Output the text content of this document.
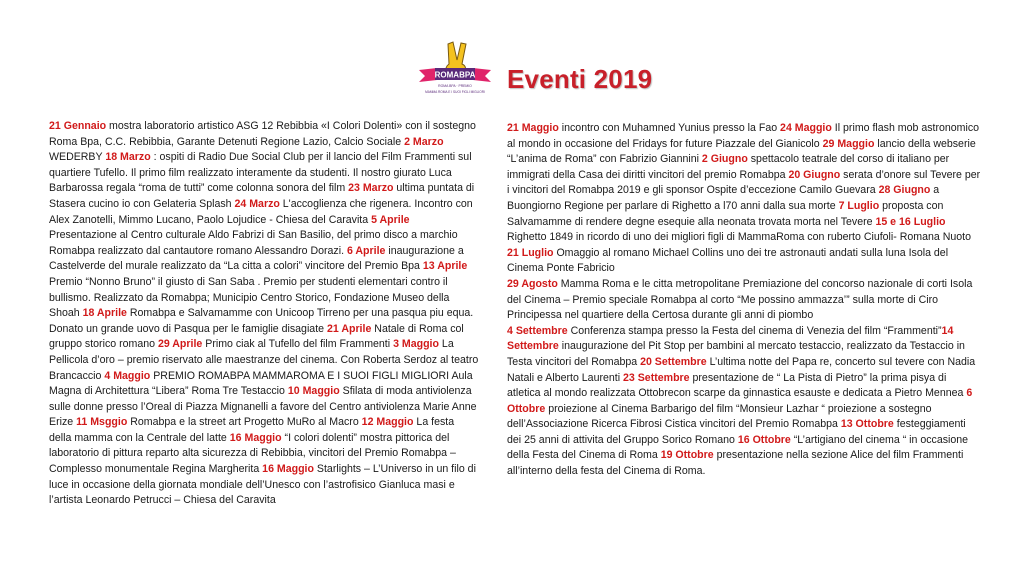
ROMABPA
ROMA BPA · PREMIO
MAMMA ROMA E I SUOI FIGLI MIGLIORI Eventi 2019

21 Gennaio mostra laboratorio artistico ASG 12 Rebibbia «I Colori Dolenti» con il sostegno Roma Bpa, C.C. Rebibbia, Garante Detenuti Regione Lazio, Calcio Sociale 2 Marzo WEDERBY 18 Marzo : ospiti di Radio Due Social Club per il lancio del Film Frammenti sul quartiere Tufello. Il primo film realizzato interamente da studenti. Il nostro giurato Luca Barbarossa regala “roma de tutti” come colonna sonora del film 23 Marzo ultima puntata di Stasera cucino io con Gelateria Splash 24 Marzo L'accoglienza che rigenera. Incontro con Alex Zanotelli, Mimmo Lucano, Paolo Lojudice - Chiesa del Caravita 5 Aprile Presentazione al Centro culturale Aldo Fabrizi di San Basilio, del primo disco a marchio Romabpa realizzato dal cantautore romano Alessandro Dorazi. 6 Aprile inaugurazione a Castelverde del murale realizzato da “La citta a colori” vincitore del Premio Bpa 13 Aprile Premio “Nonno Bruno” il giusto di San Saba . Premio per studenti elementari contro il bullismo. Realizzato da Romabpa; Municipio Centro Storico, Fondazione Museo della Shoah 18 Aprile Romabpa e Salvamamme con Unicoop Tirreno per una pasqua piu equa. Donato un grande uovo di Pasqua per le famiglie disagiate 21 Aprile Natale di Roma col gruppo storico romano 29 Aprile Primo ciak al Tufello del film Frammenti 3 Maggio La Pellicola d’oro – premio riservato alle maestranze del cinema. Con Roberta Serdoz al teatro Brancaccio 4 Maggio PREMIO ROMABPA MAMMAROMA E I SUOI FIGLI MIGLIORI Aula Magna di Architettura “Libera” Roma Tre Testaccio 10 Maggio Sfilata di moda antiviolenza sulle donne presso l’Oreal di Piazza Mignanelli a favore del Centro antiviolenza Marie Anne Erize 11 Msggio Romabpa e la street art Progetto MuRo al Macro 12 Maggio La festa della mamma con la Centrale del latte 16 Maggio “I colori dolenti” mostra pittorica del laboratorio di pittura reparto alta sicurezza di Rebibbia, vincitori del Premio Romabpa – Complesso monumentale Regina Margherita 16 Maggio Starlights – L’Universo in un filo di luce in occasione della giornata mondiale dell’Unesco con l’astrofisico Gianluca masi e l’artista Leonardo Petrucci – Chiesa del Caravita

21 Maggio incontro con Muhamned Yunius presso la Fao 24 Maggio Il primo flash mob astronomico al mondo in occasione del Fridays for future Piazzale del Gianicolo 29 Maggio lancio della webserie “L’anima de Roma” con Fabrizio Giannini 2 Giugno spettacolo teatrale del corso di italiano per immigrati della Casa dei diritti vincitori del premio Romabpa 20 Giugno serata d’onore sul Tevere per i vincitori del Romabpa 2019 e gli sponsor Ospite d’eccezione Camilo Guevara 28 Giugno a Buongiorno Regione per parlare di Righetto a l70 anni dalla sua morte 7 Luglio proposta con Salvamamme di rendere degne esequie alla neonata trovata morta nel Tevere 15 e 16 Luglio Righetto 1849 in ricordo di uno dei migliori figli di MammaRoma con ruberto Ciufoli- Romana Nuoto 21 Luglio Omaggio al romano Michael Collins uno dei tre astronauti andati sulla luna Isola del Cinema Ponte Fabricio

29 Agosto Mamma Roma e le citta metropolitane Premiazione del concorso nazionale di corti Isola del Cinema – Premio speciale Romabpa al corto “Me possino ammazza’” sulla morte di Ciro Principessa nel quartiere della Certosa durante gli anni di piombo

4 Settembre Conferenza stampa presso la Festa del cinema di Venezia del film “Frammenti”14 Settembre inaugurazione del Pit Stop per bambini al mercato testaccio, realizzato da Testaccio in Testa vincitori del Romabpa 20 Settembre L’ultima notte del Papa re, concerto sul tevere con Nadia Natali e Alberto Laurenti 23 Settembre presentazione de “ La Pista di Pietro” la prima pisya di atletica al mondo realizzata Ottobrecon scarpe da ginnastica esauste e dedicata a Pietro Mennea 6 Ottobre proiezione al Cinema Barbarigo del film “Monsieur Lazhar “ proiezione a sostegno dell’Associazione Ricerca Fibrosi Cistica vincitori del Premio Romabpa 13 Ottobre festeggiamenti dei 25 anni di attivita del Gruppo Sorico Romano 16 Ottobre “L’artigiano del cinema “ in occasione della Festa del Cinema di Roma 19 Ottobre presentazione nella sezione Alice del film Frammenti all’interno della festa del Cinema di Roma.
